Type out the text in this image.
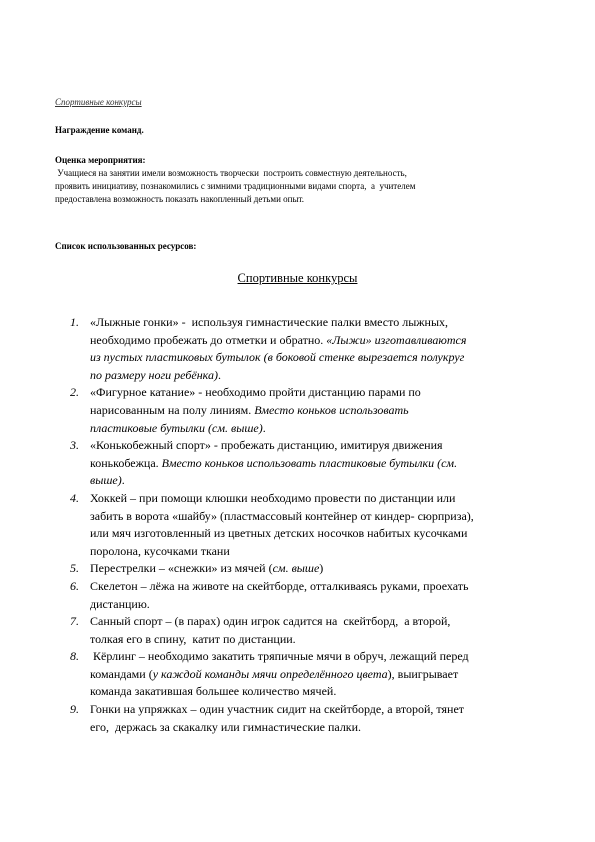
Спортивные конкурсы
Награждение команд.
Оценка мероприятия:
Учащиеся на занятии имели возможность творчески  построить совместную деятельность,
проявить инициативу, познакомились с зимними традиционными видами спорта,  а  учителем
предоставлена возможность показать накопленный детьми опыт.
Список использованных ресурсов:
Спортивные конкурсы
1. «Лыжные гонки» -  используя гимнастические палки вместо лыжных,
необходимо пробежать до отметки и обратно. «Лыжи» изготавливаются
из пустых пластиковых бутылок (в боковой стенке вырезается полукруг
по размеру ноги ребёнка).
2. «Фигурное катание» - необходимо пройти дистанцию парами по
нарисованным на полу линиям. Вместо коньков использовать
пластиковые бутылки (см. выше).
3. «Конькобежный спорт» - пробежать дистанцию, имитируя движения
конькобежца. Вместо коньков использовать пластиковые бутылки (см.
выше).
4. Хоккей – при помощи клюшки необходимо провести по дистанции или
забить в ворота «шайбу» (пластмассовый контейнер от киндер- сюрприза),
или мяч изготовленный из цветных детских носочков набитых кусочками
поролона, кусочками ткани
5. Перестрелки – «снежки» из мячей (см. выше)
6. Скелетон – лёжа на животе на скейтборде, отталкиваясь руками, проехать
дистанцию.
7. Санный спорт – (в парах) один игрок садится на  скейтборд,  а второй,
толкая его в спину,  катит по дистанции.
8. Кёрлинг – необходимо закатить тряпичные мячи в обруч, лежащий перед
командами (у каждой команды мячи определённого цвета), выигрывает
команда закатившая большее количество мячей.
9. Гонки на упряжках – один участник сидит на скейтборде, а второй, тянет
его,  держась за скакалку или гимнастические палки.
